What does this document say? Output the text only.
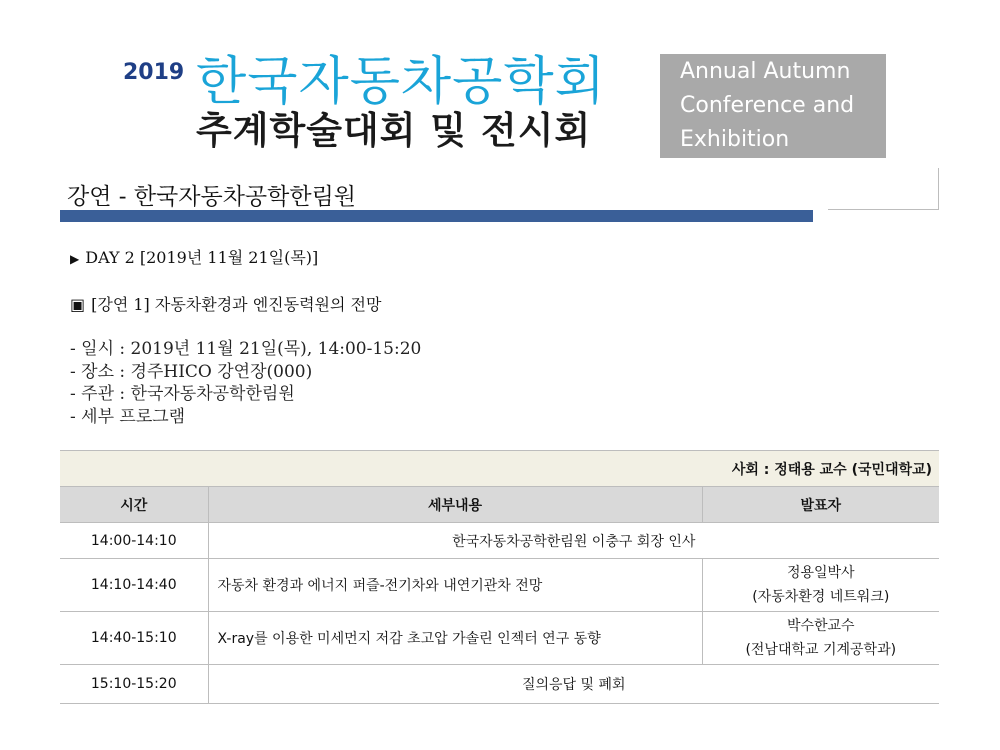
2019 한국자동차공학회
추계학술대회 및 전시회
Annual Autumn
Conference and
Exhibition
강연 - 한국자동차공학한림원
▶ DAY 2 [2019년 11월 21일(목)]
▣ [강연 1] 자동차환경과 엔진동력원의 전망
- 일시 : 2019년 11월 21일(목), 14:00-15:20
- 장소 : 경주HICO 강연장(000)
- 주관 : 한국자동차공학한림원
- 세부 프로그램
사회 : 정태용 교수 (국민대학교)		
시간	세부내용	발표자
14:00-14:10	한국자동차공학한림원 이충구 회장 인사	
14:10-14:40	자동차 환경과 에너지 퍼즐-전기차와 내연기관차 전망	정용일박사
(자동차환경 네트워크)

14:40-15:10	X-ray를 이용한 미세먼지 저감 초고압 가솔린 인젝터 연구 동향	박수한교수
(전남대학교 기계공학과)

15:10-15:20	질의응답 및 폐회	
